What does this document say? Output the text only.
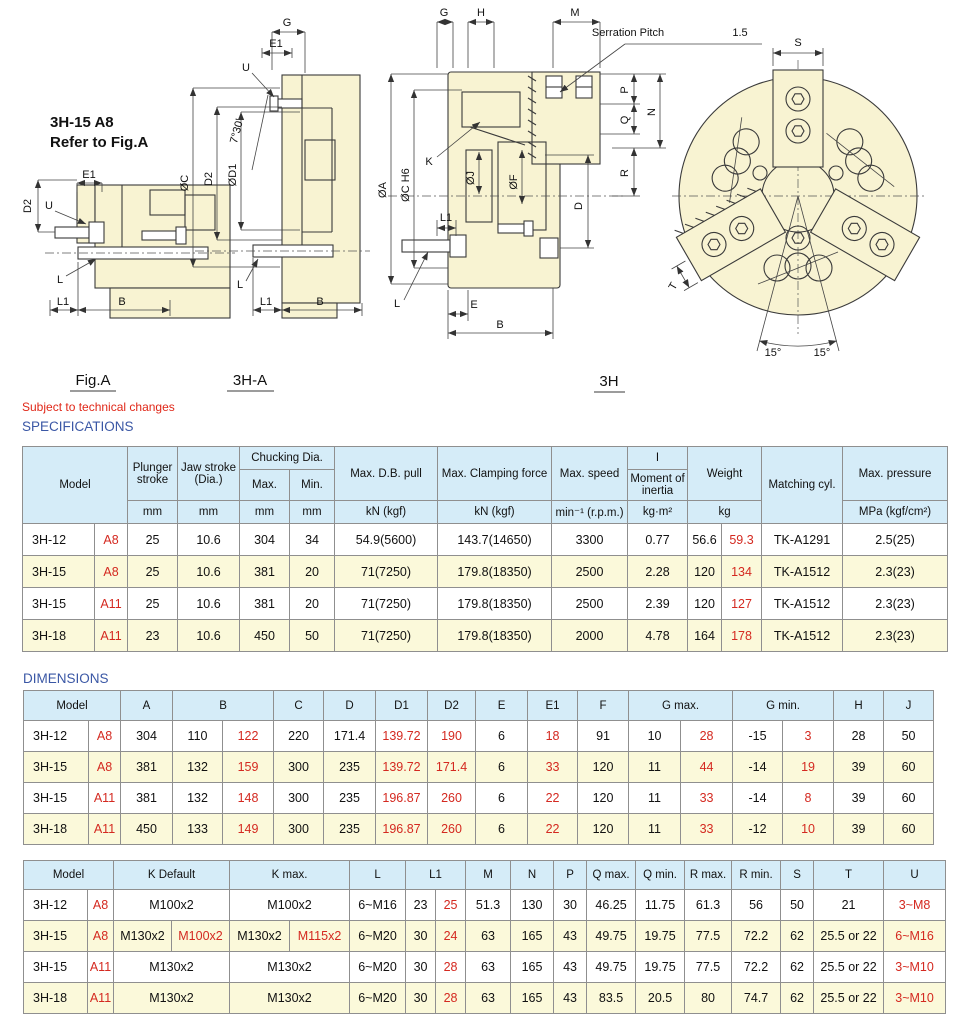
3H-15 A8
Refer to Fig.A
E1
D2 U
L
L1	B
Fig.A
G
E1
U
7°30'
ØC D2 ØD1
L
L1	B
3H-A
G	H	M
Serration Pitch	1.5
K
ØA ØC H6	ØJ	ØF
L1
D
L	E
B
P
Q
N
R
3H
S
T
15°	15°
Subject to technical changes
SPECIFICATIONS
Model		Plunger stroke	Jaw stroke (Dia.)	Chucking Dia.		Max. D.B. pull	Max. Clamping force	Max. speed	I	Weight		Matching cyl.	Max. pressure
				Max.	Min.				Moment of inertia				
		mm	mm	mm	mm	kN (kgf)	kN (kgf)	min⁻¹ (r.p.m.)	kg·m²	kg			MPa (kgf/cm²)
3H-12	A8	25	10.6	304	34	54.9(5600)	143.7(14650)	3300	0.77	56.6	59.3	TK-A1291	2.5(25)
3H-15	A8	25	10.6	381	20	71(7250)	179.8(18350)	2500	2.28	120	134	TK-A1512	2.3(23)
3H-15	A11	25	10.6	381	20	71(7250)	179.8(18350)	2500	2.39	120	127	TK-A1512	2.3(23)
3H-18	A11	23	10.6	450	50	71(7250)	179.8(18350)	2000	4.78	164	178	TK-A1512	2.3(23)
DIMENSIONS
Model		A	B		C	D	D1	D2	E	E1	F	G max.		G min.		H	J
3H-12	A8	304	110	122	220	171.4	139.72	190	6	18	91	10	28	-15	3	28	50
3H-15	A8	381	132	159	300	235	139.72	171.4	6	33	120	11	44	-14	19	39	60
3H-15	A11	381	132	148	300	235	196.87	260	6	22	120	11	33	-14	8	39	60
3H-18	A11	450	133	149	300	235	196.87	260	6	22	120	11	33	-12	10	39	60
Model		K Default		K max.		L	L1		M	N	P	Q max.	Q min.	R max.	R min.	S	T	U
3H-12	A8	M100x2		M100x2		6~M16	23	25	51.3	130	30	46.25	11.75	61.3	56	50	21	3~M8
3H-15	A8	M130x2	M100x2	M130x2	M115x2	6~M20	30	24	63	165	43	49.75	19.75	77.5	72.2	62	25.5 or 22	6~M16
3H-15	A11	M130x2		M130x2		6~M20	30	28	63	165	43	49.75	19.75	77.5	72.2	62	25.5 or 22	3~M10
3H-18	A11	M130x2		M130x2		6~M20	30	28	63	165	43	83.5	20.5	80	74.7	62	25.5 or 22	3~M10
